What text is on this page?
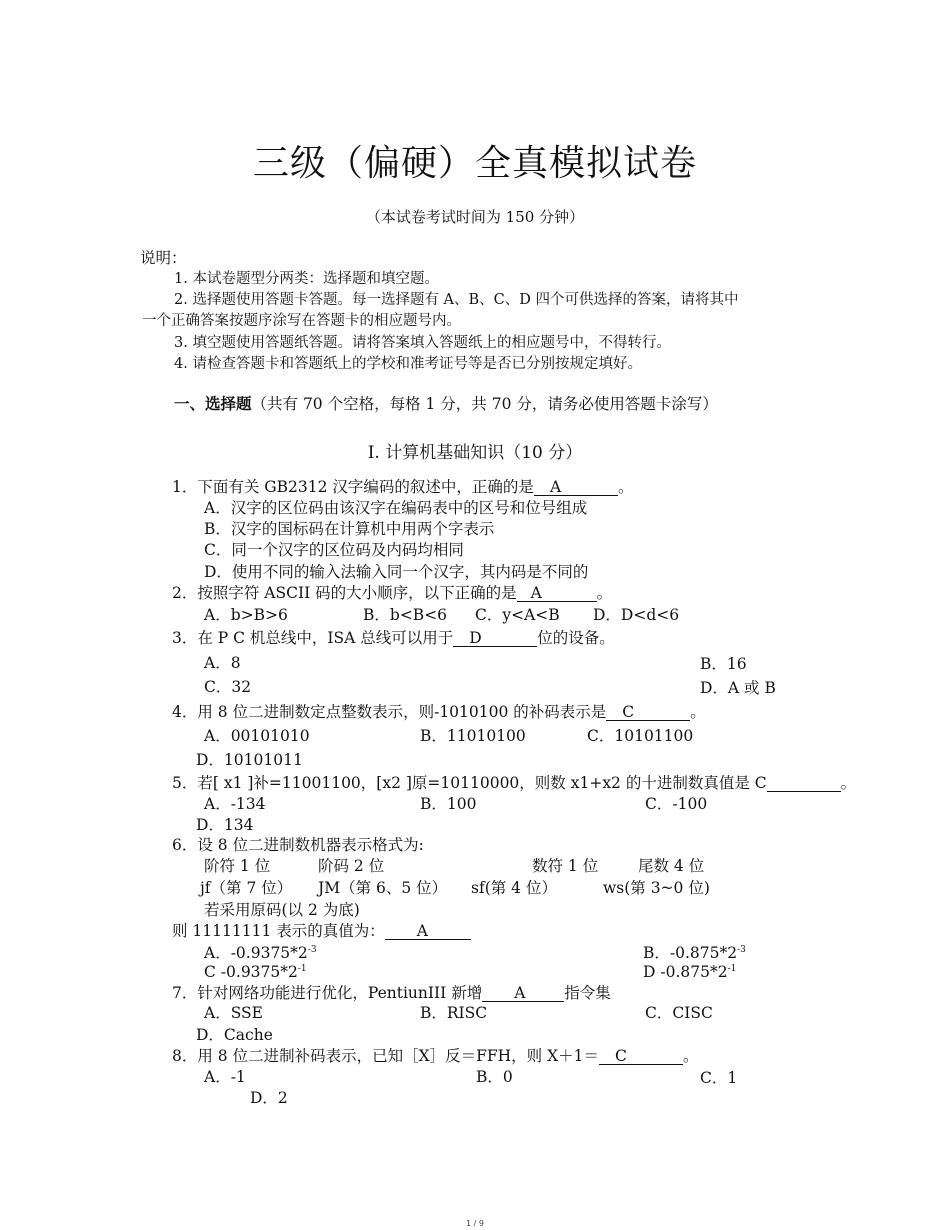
三级（偏硬）全真模拟试卷
（本试卷考试时间为 150 分钟）
说明：
1. 本试卷题型分两类：选择题和填空题。
2. 选择题使用答题卡答题。每一选择题有 A、B、C、D 四个可供选择的答案，请将其中
一个正确答案按题序涂写在答题卡的相应题号内。
3. 填空题使用答题纸答题。请将答案填入答题纸上的相应题号中，不得转行。
4. 请检查答题卡和答题纸上的学校和准考证号等是否已分别按规定填好。
一、选择题（共有 70 个空格，每格 1 分，共 70 分，请务必使用答题卡涂写）
I. 计算机基础知识（10 分）
1．下面有关 GB2312 汉字编码的叙述中，正确的是 A	。
A．汉字的区位码由该汉字在编码表中的区号和位号组成
B．汉字的国标码在计算机中用两个字表示
C．同一个汉字的区位码及内码均相同
D．使用不同的输入法输入同一个汉字，其内码是不同的
2．按照字符 ASCII 码的大小顺序，以下正确的是 A	。
A．b>B>6	B．b<B<6 C．y<A<B D．D<d<6
3．在 P C 机总线中，ISA 总线可以用于 D	位的设备。
A．8	B．16
C．32	D．A 或 B
4．用 8 位二进制数定点整数表示，则-1010100 的补码表示是 C	。
A．00101010	B．11010100	C．10101100
D．10101011
5．若[ x1 ]补=11001100，[x2 ]原=10110000，则数 x1+x2 的十进制数真值是 C	。
A．-134	B．100	C．-100
D．134
6．设 8 位二进制数机器表示格式为:
阶符 1 位	阶码 2 位	数符 1 位	尾数 4 位
jf（第 7 位） JM（第 6、5 位） sf(第 4 位）	ws(第 3~0 位)
若采用原码(以 2 为底)
则 11111111 表示的真值为： A
A．$-0.9375*2^{-3}$	B．$-0.875*2^{-3}$
C $-0.9375*2^{-1}$	D $-0.875*2^{-1}$
7．针对网络功能进行优化，PentiunIII 新增 A	指令集
A．SSE	B．RISC	C．CISC
D．Cache
8．用 8 位二进制补码表示，已知［X］反＝FFH，则 X＋1＝ C	。
A．-1	B．0	C．1
D．2
1 / 9
